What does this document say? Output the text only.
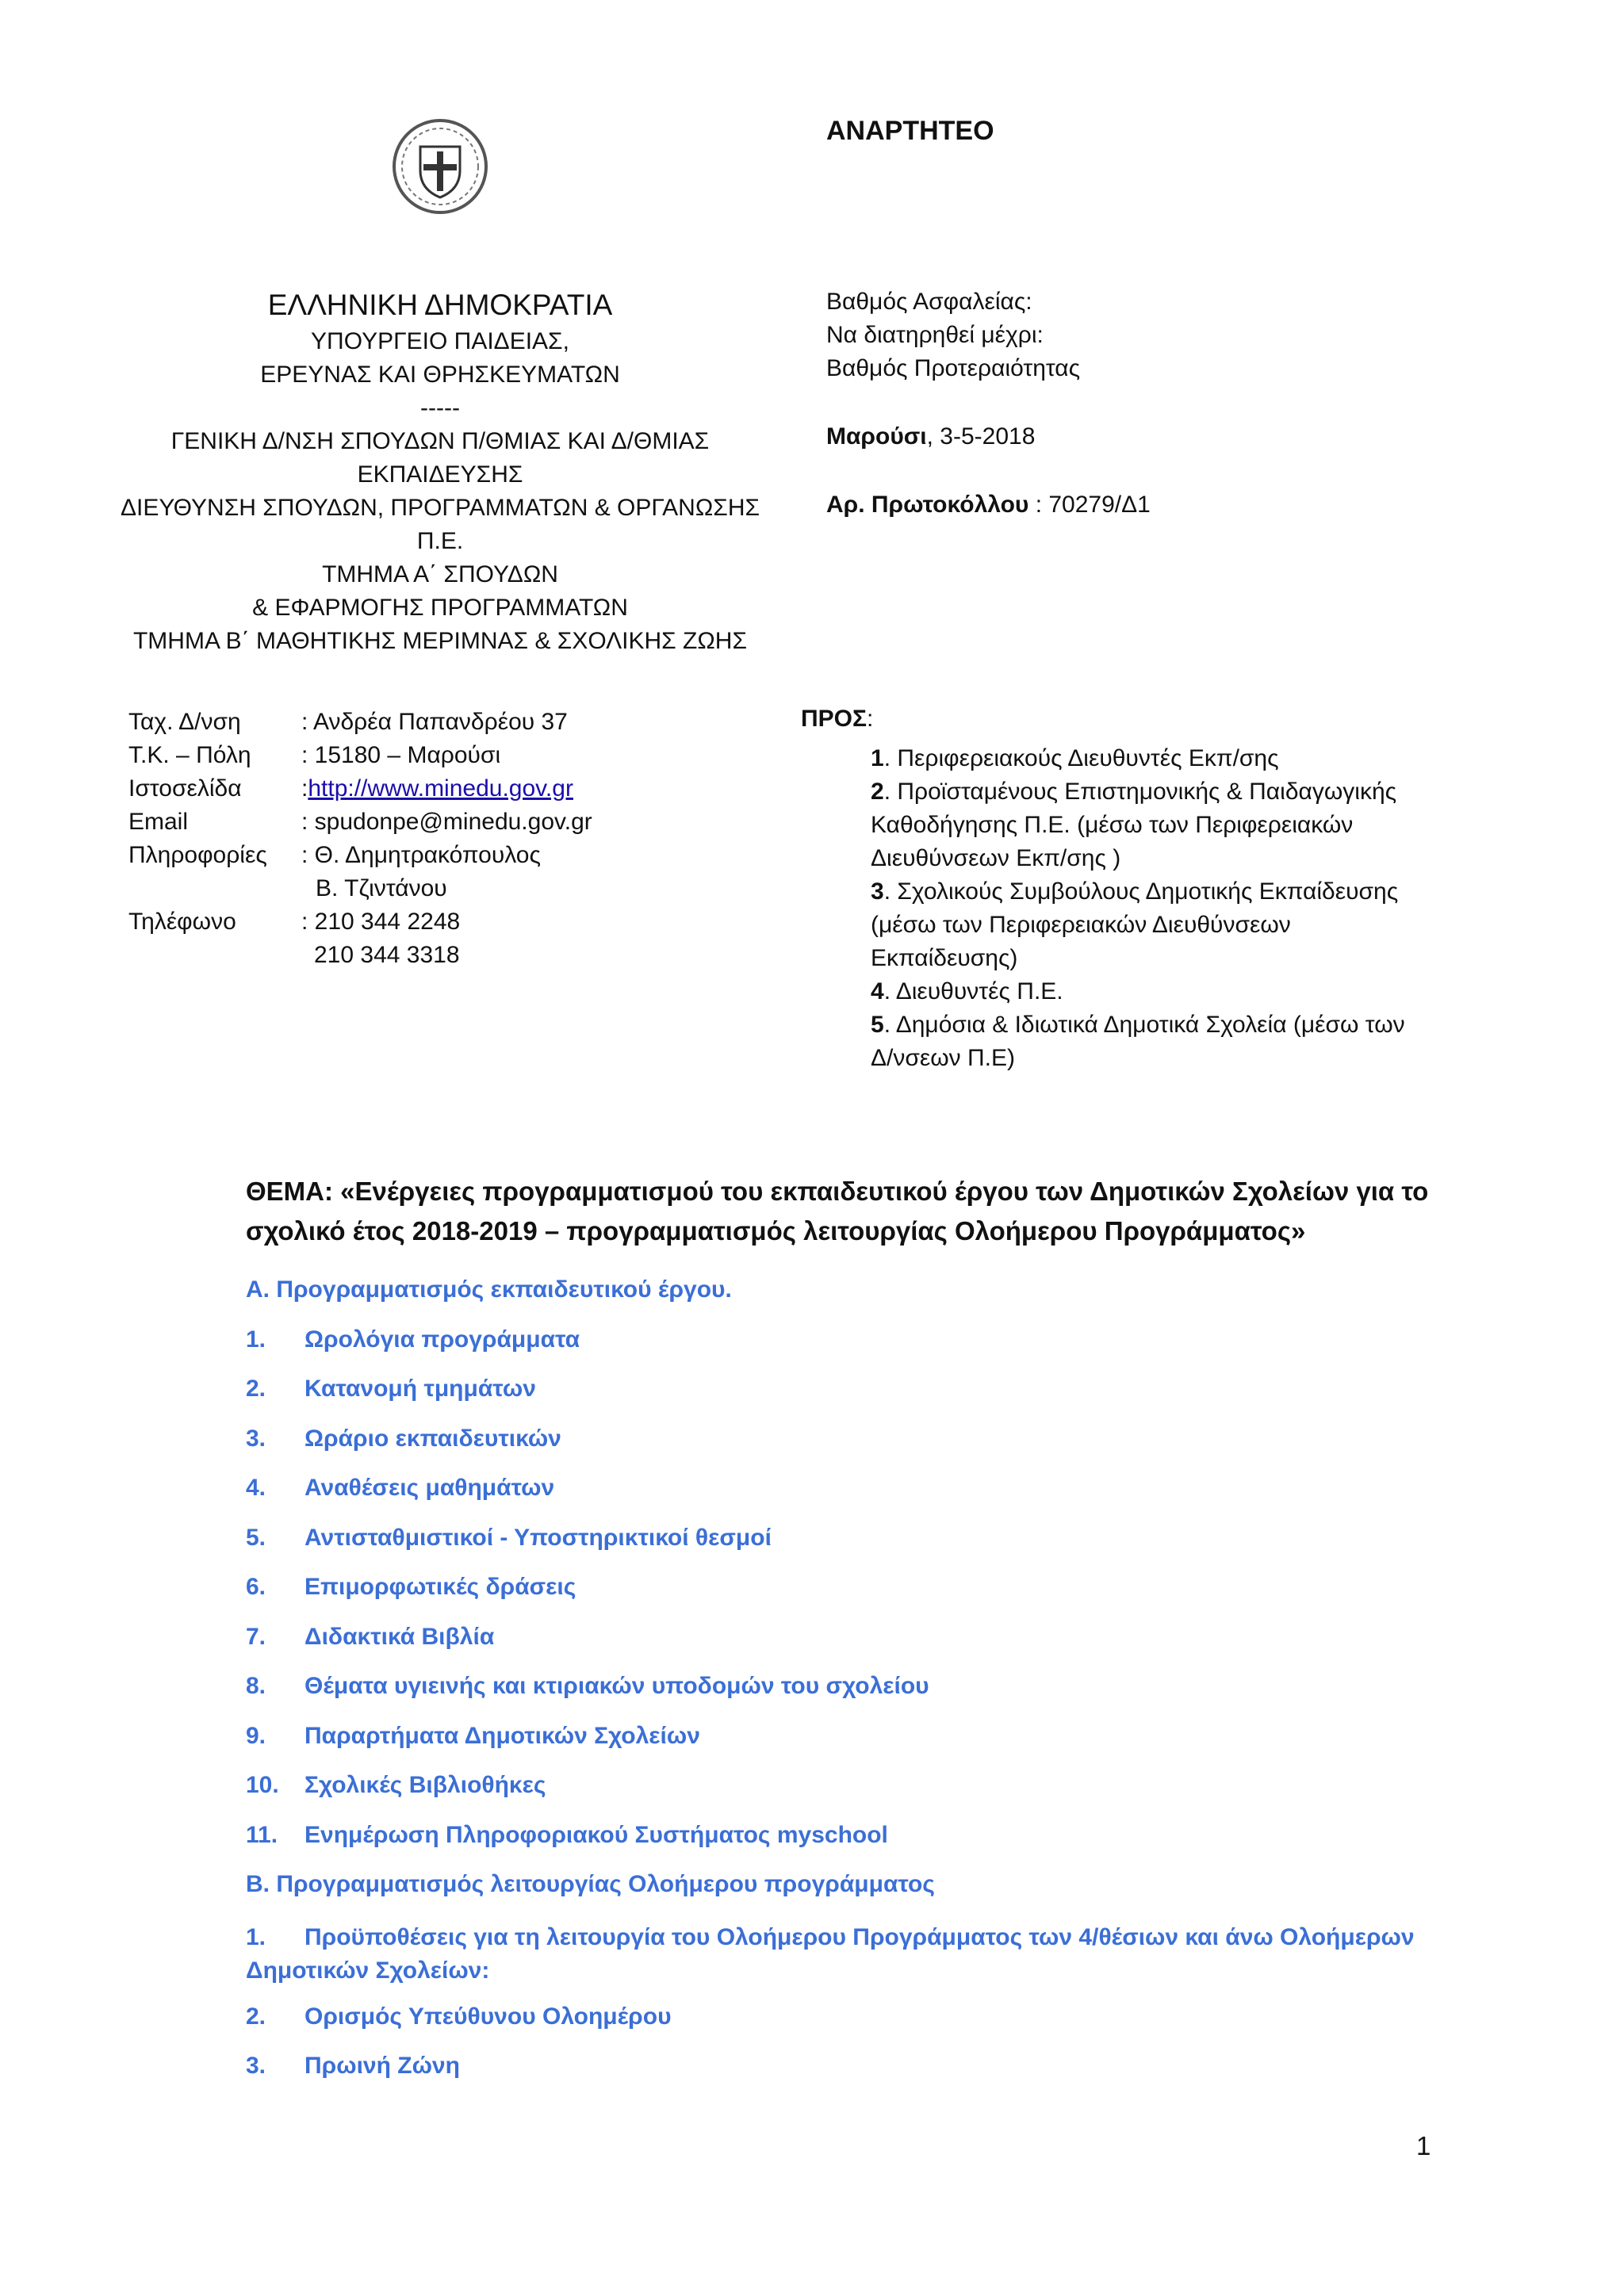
ΑΝΑΡΤΗΤΕΟ
ΕΛΛΗΝΙΚΗ ΔΗΜΟΚΡΑΤΙΑ
ΥΠΟΥΡΓΕΙΟ ΠΑΙΔΕΙΑΣ,
ΕΡΕΥΝΑΣ ΚΑΙ ΘΡΗΣΚΕΥΜΑΤΩΝ
-----
ΓΕΝΙΚΗ Δ/ΝΣΗ ΣΠΟΥΔΩΝ Π/ΘΜΙΑΣ ΚΑΙ Δ/ΘΜΙΑΣ
ΕΚΠΑΙΔΕΥΣΗΣ
ΔΙΕΥΘΥΝΣΗ ΣΠΟΥΔΩΝ, ΠΡΟΓΡΑΜΜΑΤΩΝ & ΟΡΓΑΝΩΣΗΣ
Π.Ε.
ΤΜΗΜΑ Α΄ ΣΠΟΥΔΩΝ
& ΕΦΑΡΜΟΓΗΣ ΠΡΟΓΡΑΜΜΑΤΩΝ
ΤΜΗΜΑ Β΄ ΜΑΘΗΤΙΚΗΣ ΜΕΡΙΜΝΑΣ & ΣΧΟΛΙΚΗΣ ΖΩΗΣ
Βαθμός Ασφαλείας:
Να διατηρηθεί μέχρι:
Βαθμός Προτεραιότητας
Μαρούσι, 3-5-2018
Αρ. Πρωτοκόλλου : 70279/Δ1
Ταχ. Δ/νση	: Ανδρέα Παπανδρέου 37
Τ.Κ. – Πόλη	: 15180 – Μαρούσι
Ιστοσελίδα	: http://www.minedu.gov.gr
Email	: spudonpe@minedu.gov.gr
Πληροφορίες	: Θ. Δημητρακόπουλος
Β. Τζιντάνου
Τηλέφωνο	: 210 344 2248
210 344 3318
ΠΡΟΣ:
1. Περιφερειακούς Διευθυντές Εκπ/σης
2. Προϊσταμένους Επιστημονικής & Παιδαγωγικής Καθοδήγησης Π.Ε. (μέσω των Περιφερειακών Διευθύνσεων Εκπ/σης )
3. Σχολικούς Συμβούλους Δημοτικής Εκπαίδευσης (μέσω των Περιφερειακών Διευθύνσεων Εκπαίδευσης)
4. Διευθυντές Π.Ε.
5. Δημόσια & Ιδιωτικά Δημοτικά Σχολεία (μέσω των Δ/νσεων Π.Ε)
ΘΕΜΑ: «Ενέργειες προγραμματισμού του εκπαιδευτικού έργου των Δημοτικών Σχολείων για το σχολικό έτος 2018-2019 – προγραμματισμός λειτουργίας Ολοήμερου Προγράμματος»
Α. Προγραμματισμός εκπαιδευτικού έργου.
1.	Ωρολόγια προγράμματα
2.	Κατανομή τμημάτων
3.	Ωράριο εκπαιδευτικών
4.	Αναθέσεις μαθημάτων
5.	Αντισταθμιστικοί - Υποστηρικτικοί θεσμοί
6.	Επιμορφωτικές δράσεις
7.	Διδακτικά Βιβλία
8.	Θέματα υγιεινής και κτιριακών υποδομών του σχολείου
9.	Παραρτήματα Δημοτικών Σχολείων
10.	Σχολικές Βιβλιοθήκες
11.	Ενημέρωση Πληροφοριακού Συστήματος myschool
Β. Προγραμματισμός λειτουργίας Ολοήμερου προγράμματος
1. Προϋποθέσεις για τη λειτουργία του Ολοήμερου Προγράμματος των 4/θέσιων και άνω Ολοήμερων Δημοτικών Σχολείων:
2.	Ορισμός Υπεύθυνου Ολοημέρου
3.	Πρωινή Ζώνη
1
